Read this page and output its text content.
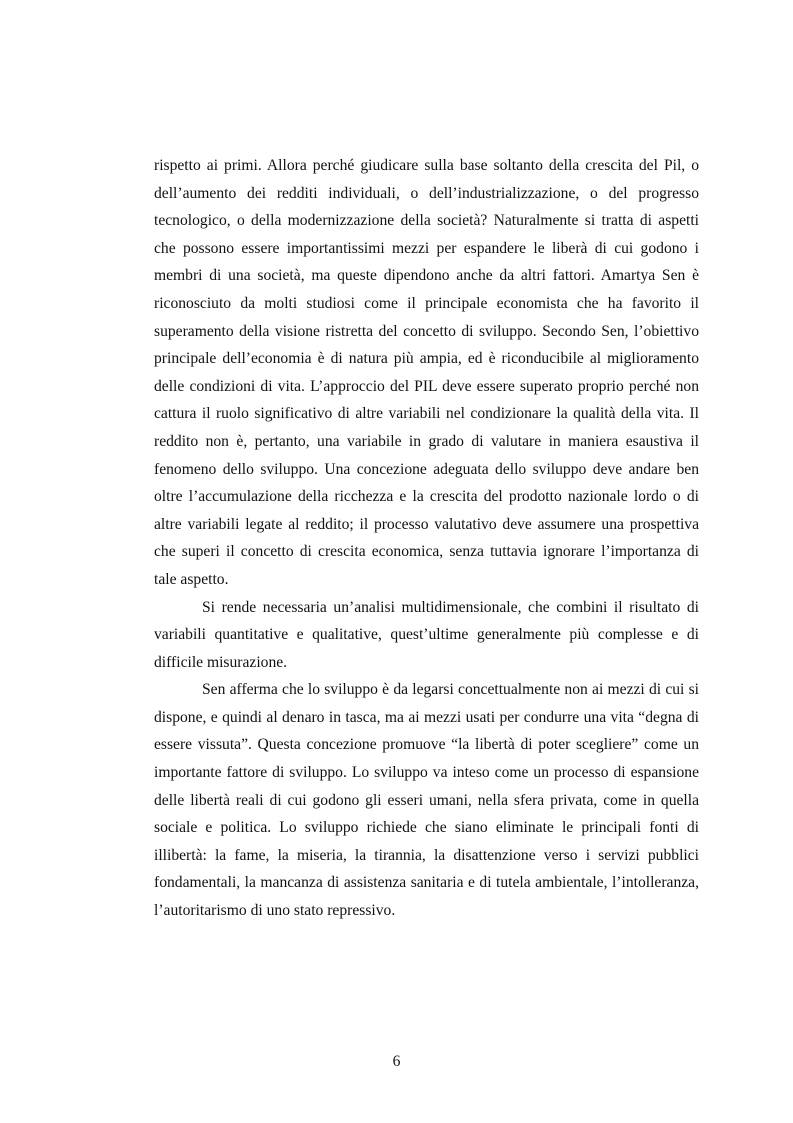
rispetto ai primi. Allora perché giudicare sulla base soltanto della crescita del Pil, o dell’aumento dei redditi individuali, o dell’industrializzazione, o del progresso tecnologico, o della modernizzazione della società? Naturalmente si tratta di aspetti che possono essere importantissimi mezzi per espandere le liberà di cui godono i membri di una società, ma queste dipendono anche da altri fattori. Amartya Sen è riconosciuto da molti studiosi come il principale economista che ha favorito il superamento della visione ristretta del concetto di sviluppo. Secondo Sen, l’obiettivo principale dell’economia è di natura più ampia, ed è riconducibile al miglioramento delle condizioni di vita. L’approccio del PIL deve essere superato proprio perché non cattura il ruolo significativo di altre variabili nel condizionare la qualità della vita. Il reddito non è, pertanto, una variabile in grado di valutare in maniera esaustiva il fenomeno dello sviluppo. Una concezione adeguata dello sviluppo deve andare ben oltre l’accumulazione della ricchezza e la crescita del prodotto nazionale lordo o di altre variabili legate al reddito; il processo valutativo deve assumere una prospettiva che superi il concetto di crescita economica, senza tuttavia ignorare l’importanza di tale aspetto.

Si rende necessaria un’analisi multidimensionale, che combini il risultato di variabili quantitative e qualitative, quest’ultime generalmente più complesse e di difficile misurazione.

Sen afferma che lo sviluppo è da legarsi concettualmente non ai mezzi di cui si dispone, e quindi al denaro in tasca, ma ai mezzi usati per condurre una vita “degna di essere vissuta”. Questa concezione promuove “la libertà di poter scegliere” come un importante fattore di sviluppo. Lo sviluppo va inteso come un processo di espansione delle libertà reali di cui godono gli esseri umani, nella sfera privata, come in quella sociale e politica. Lo sviluppo richiede che siano eliminate le principali fonti di illibertà: la fame, la miseria, la tirannia, la disattenzione verso i servizi pubblici fondamentali, la mancanza di assistenza sanitaria e di tutela ambientale, l’intolleranza, l’autoritarismo di uno stato repressivo.

6
